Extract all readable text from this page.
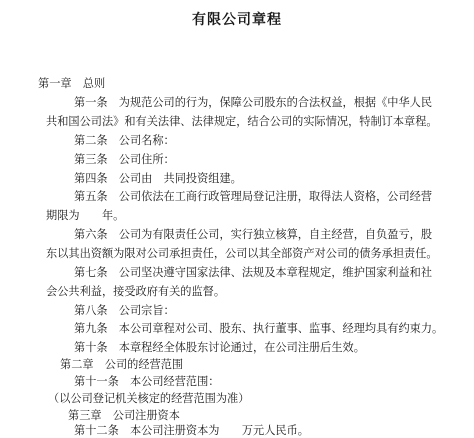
有限公司章程
第一章　总则
第一条　为规范公司的行为，保障公司股东的合法权益，根据《中华人民
共和国公司法》和有关法律、法律规定，结合公司的实际情况，特制订本章程。
第二条　公司名称：
第三条　公司住所：
第四条　公司由　共同投资组建。
第五条　公司依法在工商行政管理局登记注册，取得法人资格，公司经营
期限为　　年。
第六条　公司为有限责任公司，实行独立核算，自主经营，自负盈亏，股
东以其出资额为限对公司承担责任，公司以其全部资产对公司的债务承担责任。
第七条　公司坚决遵守国家法律、法规及本章程规定，维护国家利益和社
会公共利益，接受政府有关的监督。
第八条　公司宗旨：
第九条　本公司章程对公司、股东、执行董事、监事、经理均具有约束力。
第十条　本章程经全体股东讨论通过，在公司注册后生效。
第二章　公司的经营范围
第十一条　本公司经营范围：
（以公司登记机关核定的经营范围为准）
第三章　公司注册资本
第十二条　本公司注册资本为　　万元人民币。
